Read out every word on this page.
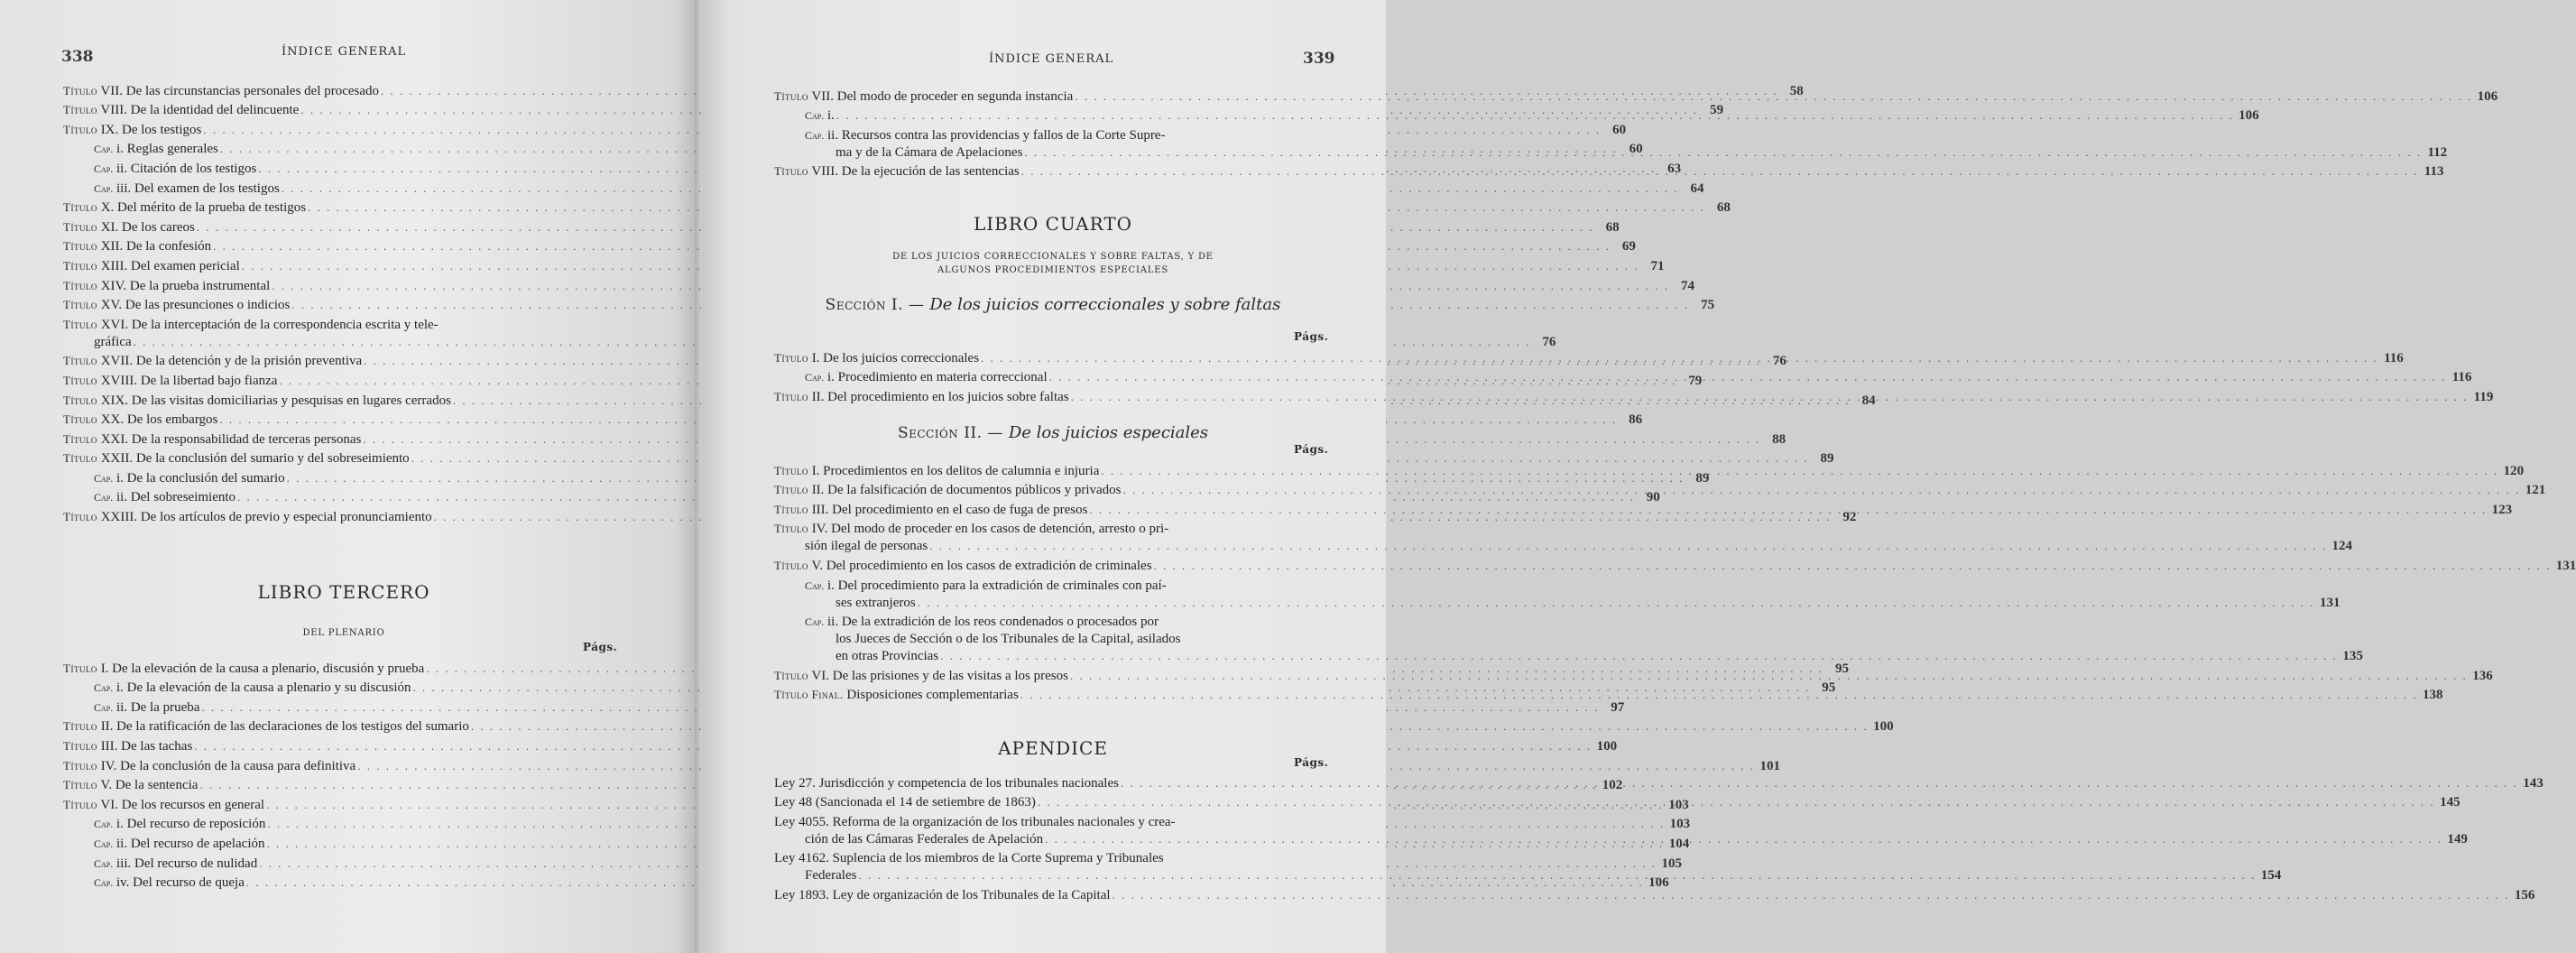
338	ÍNDICE GENERAL
Título VII. De las circunstancias personales del procesado . . .	58
Título VIII. De la identidad del delincuente . . .	59
Título IX. De los testigos . . .	60
Cap. i. Reglas generales . . .	60
Cap. ii. Citación de los testigos . . .	63
Cap. iii. Del examen de los testigos . . .	64
Título X. Del mérito de la prueba de testigos . . .	68
Título XI. De los careos . . .	68
Título XII. De la confesión . . .	69
Título XIII. Del examen pericial . . .	71
Título XIV. De la prueba instrumental . . .	74
Título XV. De las presunciones o indicios . . .	75
Título XVI. De la interceptación de la correspondencia escrita y tele-
gráfica . . .	76
Título XVII. De la detención y de la prisión preventiva . . .	76
Título XVIII. De la libertad bajo fianza . . .	79
Título XIX. De las visitas domiciliarias y pesquisas en lugares cerrados . . .	84
Título XX. De los embargos . . .	86
Título XXI. De la responsabilidad de terceras personas . . .	88
Título XXII. De la conclusión del sumario y del sobreseimiento . . .	89
Cap. i. De la conclusión del sumario . . .	89
Cap. ii. Del sobreseimiento . . .	90
Título XXIII. De los artículos de previo y especial pronunciamiento . . .	92
LIBRO TERCERO
DEL PLENARIO
Págs.
Título I. De la elevación de la causa a plenario, discusión y prueba . . .	95
Cap. i. De la elevación de la causa a plenario y su discusión . . .	95
Cap. ii. De la prueba . . .	97
Título II. De la ratificación de las declaraciones de los testigos del sumario . . .	100
Título III. De las tachas . . .	100
Título IV. De la conclusión de la causa para definitiva . . .	101
Título V. De la sentencia . . .	102
Título VI. De los recursos en general . . .	103
Cap. i. Del recurso de reposición . . .	103
Cap. ii. Del recurso de apelación . . .	104
Cap. iii. Del recurso de nulidad . . .	105
Cap. iv. Del recurso de queja . . .	106
ÍNDICE GENERAL	339
Título VII. Del modo de proceder en segunda instancia . . .	106
Cap. i. . . .	106
Cap. ii. Recursos contra las providencias y fallos de la Corte Supre-
ma y de la Cámara de Apelaciones . . .	112
Título VIII. De la ejecución de las sentencias . . .	113
LIBRO CUARTO
DE LOS JUICIOS CORRECCIONALES Y SOBRE FALTAS, Y DE
ALGUNOS PROCEDIMIENTOS ESPECIALES
Sección I. — De los juicios correccionales y sobre faltas
Págs.
Título I. De los juicios correccionales . . .	116
Cap. i. Procedimiento en materia correccional . . .	116
Título II. Del procedimiento en los juicios sobre faltas . . .	119
Sección II. — De los juicios especiales
Págs.
Título I. Procedimientos en los delitos de calumnia e injuria . . .	120
Título II. De la falsificación de documentos públicos y privados . . .	121
Título III. Del procedimiento en el caso de fuga de presos . . .	123
Título IV. Del modo de proceder en los casos de detención, arresto o pri-
sión ilegal de personas . . .	124
Título V. Del procedimiento en los casos de extradición de criminales . . .	131
Cap. i. Del procedimiento para la extradición de criminales con paí-
ses extranjeros . . .	131
Cap. ii. De la extradición de los reos condenados o procesados por
los Jueces de Sección o de los Tribunales de la Capital, asilados
en otras Provincias . . .	135
Título VI. De las prisiones y de las visitas a los presos . . .	136
Título Final. Disposiciones complementarias . . .	138
APENDICE
Págs.
Ley 27. Jurisdicción y competencia de los tribunales nacionales . . .	143
Ley 48 (Sancionada el 14 de setiembre de 1863) . . .	145
Ley 4055. Reforma de la organización de los tribunales nacionales y crea-
ción de las Cámaras Federales de Apelación . . .	149
Ley 4162. Suplencia de los miembros de la Corte Suprema y Tribunales
Federales . . .	154
Ley 1893. Ley de organización de los Tribunales de la Capital . . .	156
